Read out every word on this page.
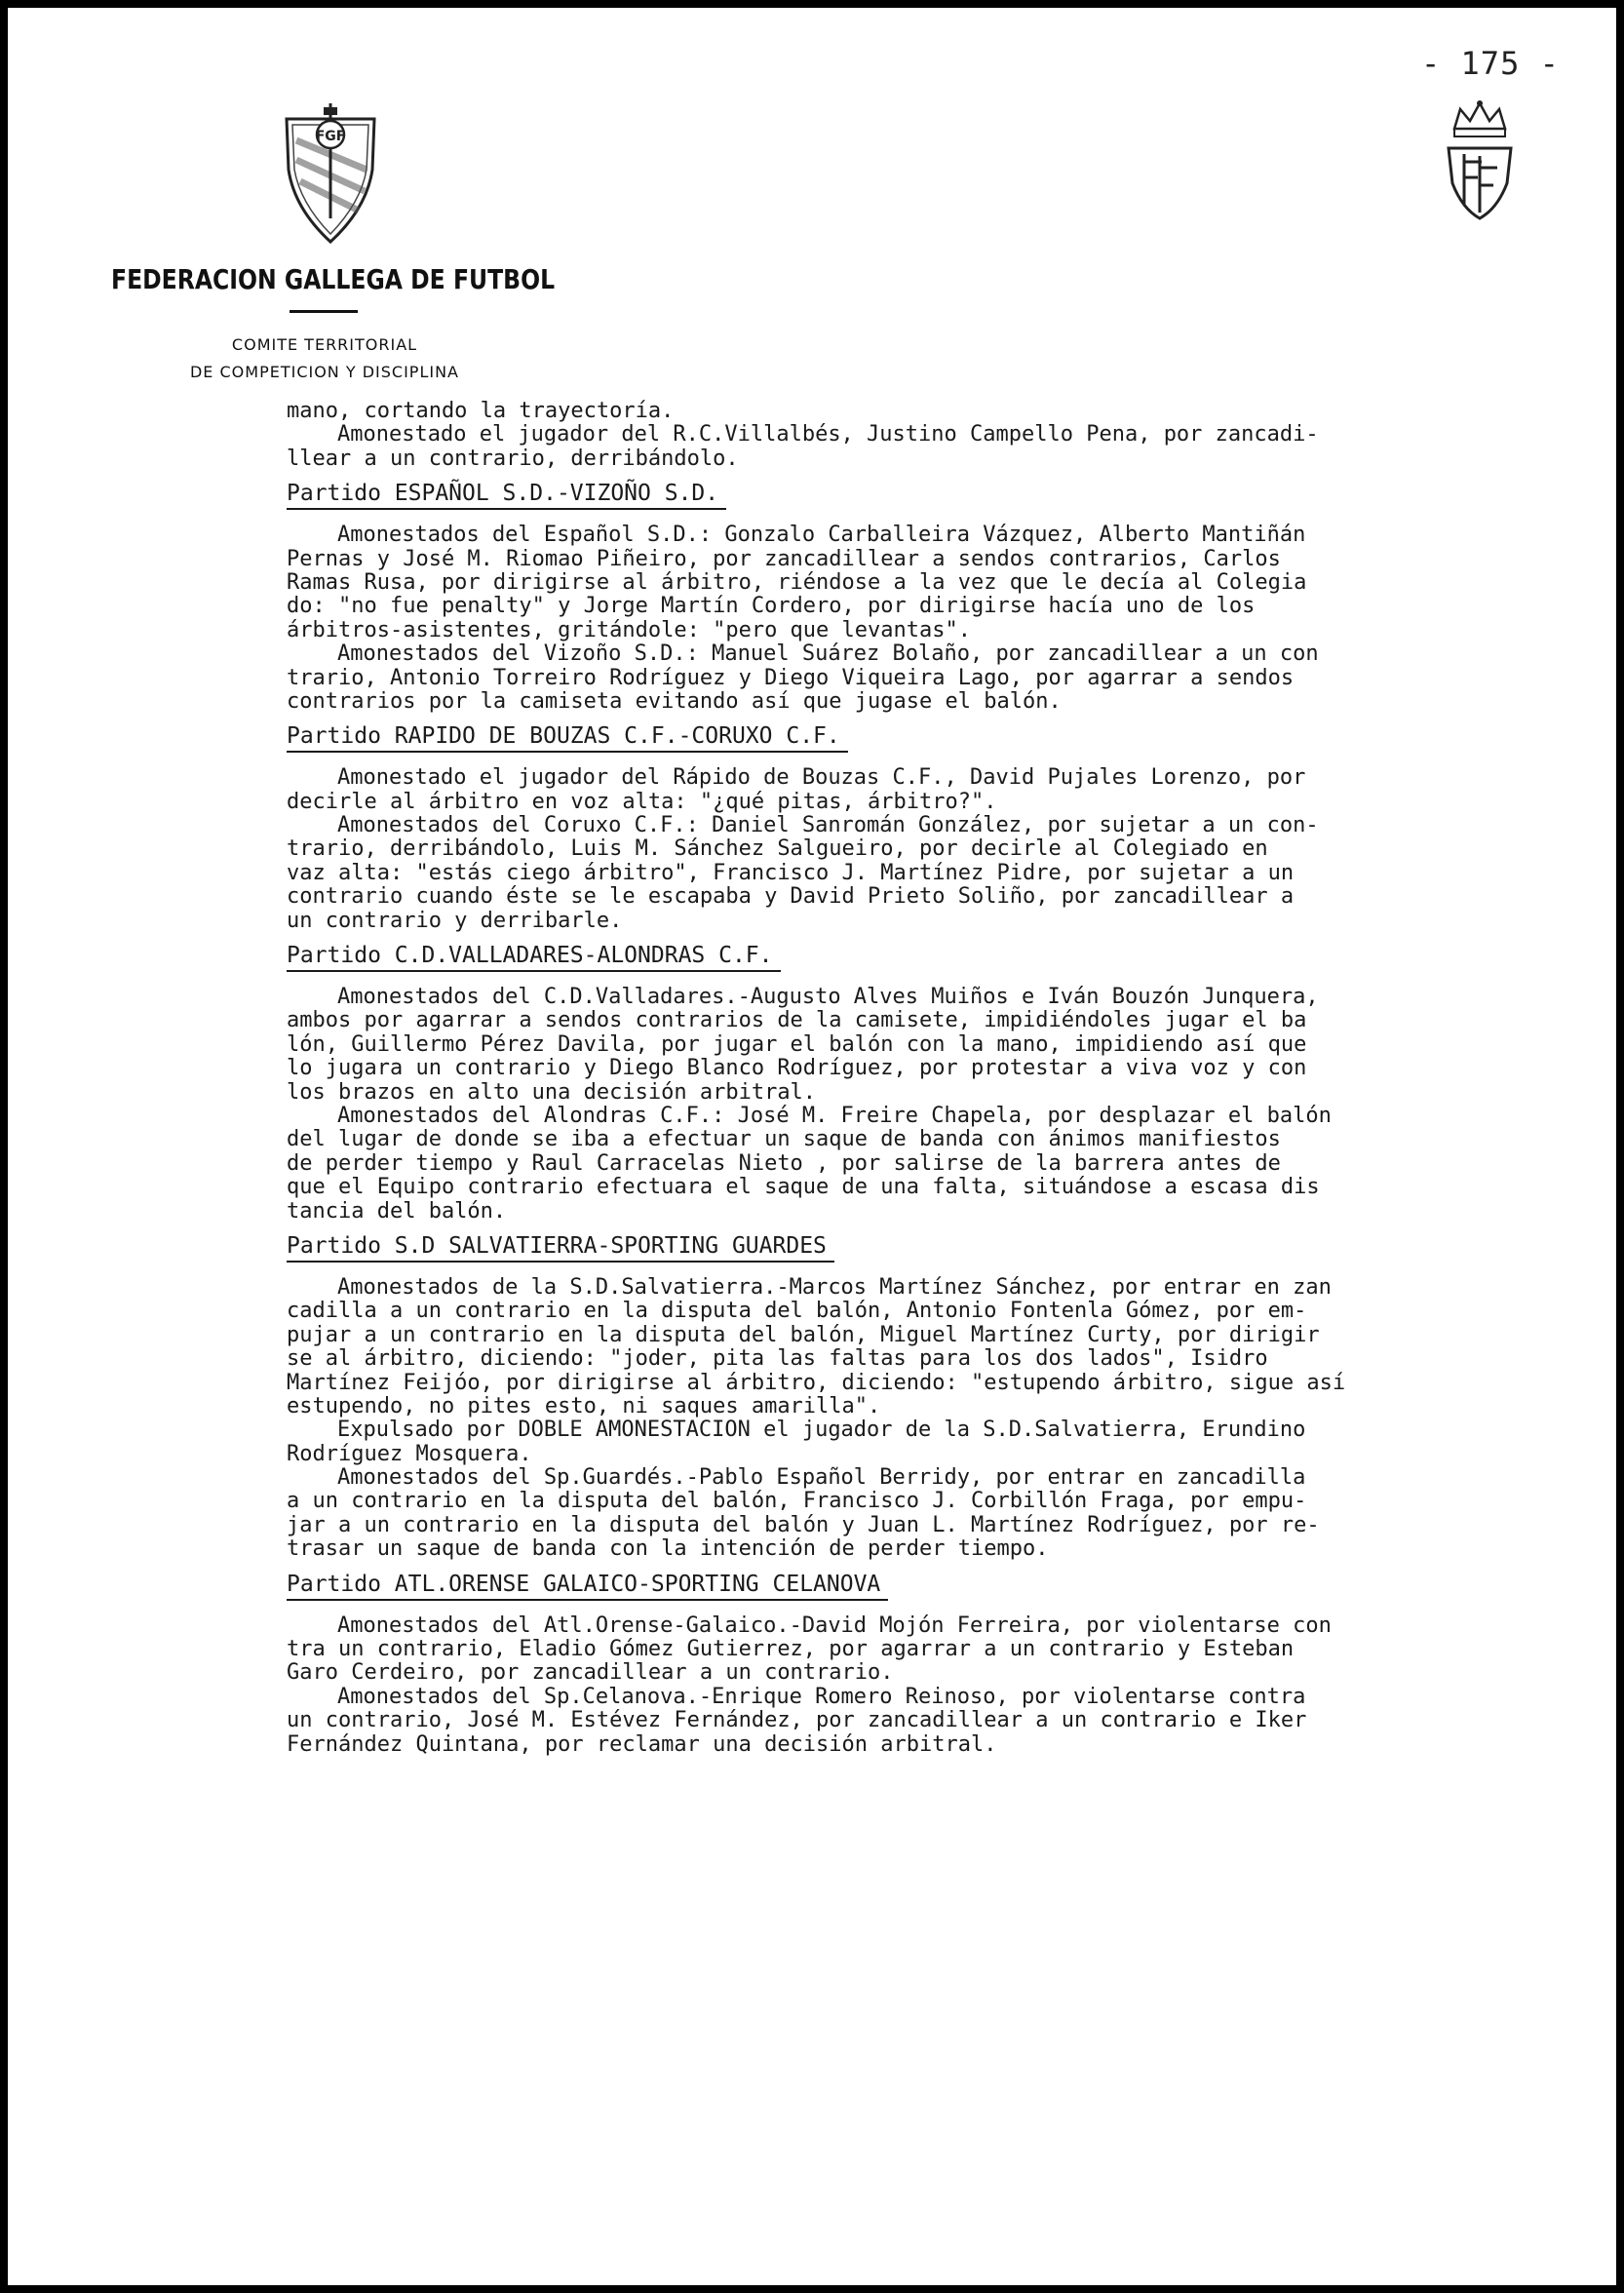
- 175 -
FGF
FEDERACION GALLEGA DE FUTBOL
COMITE TERRITORIAL
DE COMPETICION Y DISCIPLINA
mano, cortando la trayectoría.
Amonestado el jugador del R.C.Villalbés, Justino Campello Pena, por zancadi-
llear a un contrario, derribándolo.
Partido ESPAÑOL S.D.-VIZOÑO S.D.
Amonestados del Español S.D.: Gonzalo Carballeira Vázquez, Alberto Mantiñán
Pernas y José M. Riomao Piñeiro, por zancadillear a sendos contrarios, Carlos
Ramas Rusa, por dirigirse al árbitro, riéndose a la vez que le decía al Colegia
do: "no fue penalty" y Jorge Martín Cordero, por dirigirse hacía uno de los
árbitros-asistentes, gritándole: "pero que levantas".
Amonestados del Vizoño S.D.: Manuel Suárez Bolaño, por zancadillear a un con
trario, Antonio Torreiro Rodríguez y Diego Viqueira Lago, por agarrar a sendos
contrarios por la camiseta evitando así que jugase el balón.
Partido RAPIDO DE BOUZAS C.F.-CORUXO C.F.
Amonestado el jugador del Rápido de Bouzas C.F., David Pujales Lorenzo, por
decirle al árbitro en voz alta: "¿qué pitas, árbitro?".
Amonestados del Coruxo C.F.: Daniel Sanromán González, por sujetar a un con-
trario, derribándolo, Luis M. Sánchez Salgueiro, por decirle al Colegiado en
vaz alta: "estás ciego árbitro", Francisco J. Martínez Pidre, por sujetar a un
contrario cuando éste se le escapaba y David Prieto Soliño, por zancadillear a
un contrario y derribarle.
Partido C.D.VALLADARES-ALONDRAS C.F.
Amonestados del C.D.Valladares.-Augusto Alves Muiños e Iván Bouzón Junquera,
ambos por agarrar a sendos contrarios de la camisete, impidiéndoles jugar el ba
lón, Guillermo Pérez Davila, por jugar el balón con la mano, impidiendo así que
lo jugara un contrario y Diego Blanco Rodríguez, por protestar a viva voz y con
los brazos en alto una decisión arbitral.
Amonestados del Alondras C.F.: José M. Freire Chapela, por desplazar el balón
del lugar de donde se iba a efectuar un saque de banda con ánimos manifiestos
de perder tiempo y Raul Carracelas Nieto , por salirse de la barrera antes de
que el Equipo contrario efectuara el saque de una falta, situándose a escasa dis
tancia del balón.
Partido S.D SALVATIERRA-SPORTING GUARDES
Amonestados de la S.D.Salvatierra.-Marcos Martínez Sánchez, por entrar en zan
cadilla a un contrario en la disputa del balón, Antonio Fontenla Gómez, por em-
pujar a un contrario en la disputa del balón, Miguel Martínez Curty, por dirigir
se al árbitro, diciendo: "joder, pita las faltas para los dos lados", Isidro
Martínez Feijóo, por dirigirse al árbitro, diciendo: "estupendo árbitro, sigue así
estupendo, no pites esto, ni saques amarilla".
Expulsado por DOBLE AMONESTACION el jugador de la S.D.Salvatierra, Erundino
Rodríguez Mosquera.
Amonestados del Sp.Guardés.-Pablo Español Berridy, por entrar en zancadilla
a un contrario en la disputa del balón, Francisco J. Corbillón Fraga, por empu-
jar a un contrario en la disputa del balón y Juan L. Martínez Rodríguez, por re-
trasar un saque de banda con la intención de perder tiempo.
Partido ATL.ORENSE GALAICO-SPORTING CELANOVA
Amonestados del Atl.Orense-Galaico.-David Mojón Ferreira, por violentarse con
tra un contrario, Eladio Gómez Gutierrez, por agarrar a un contrario y Esteban
Garo Cerdeiro, por zancadillear a un contrario.
Amonestados del Sp.Celanova.-Enrique Romero Reinoso, por violentarse contra
un contrario, José M. Estévez Fernández, por zancadillear a un contrario e Iker
Fernández Quintana, por reclamar una decisión arbitral.
